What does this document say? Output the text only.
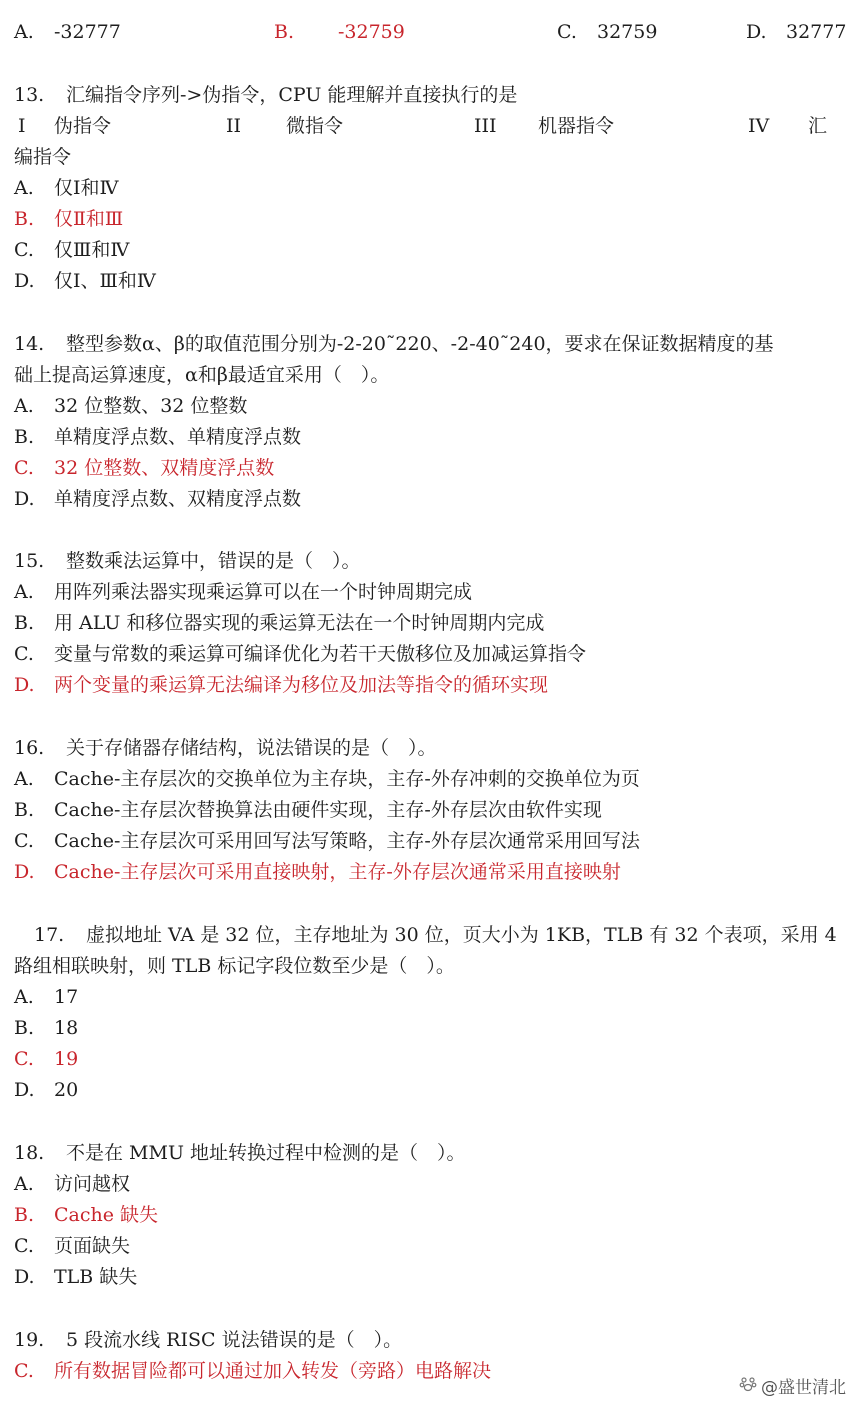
A. -32777	B. -32759	C. 32759	D. 32777
13. 汇编指令序列->伪指令，CPU 能理解并直接执行的是
I 伪指令	II 微指令	III 机器指令	IV 汇
编指令
A. 仅Ⅰ和Ⅳ
B. 仅Ⅱ和Ⅲ
C. 仅Ⅲ和Ⅳ
D. 仅Ⅰ、Ⅲ和Ⅳ
14. 整型参数α、β的取值范围分别为-2-20˜220、-2-40˜240，要求在保证数据精度的基
础上提高运算速度，α和β最适宜采用（　）。
A. 32 位整数、32 位整数
B. 单精度浮点数、单精度浮点数
C. 32 位整数、双精度浮点数
D. 单精度浮点数、双精度浮点数
15. 整数乘法运算中，错误的是（　）。
A. 用阵列乘法器实现乘运算可以在一个时钟周期完成
B. 用 ALU 和移位器实现的乘运算无法在一个时钟周期内完成
C. 变量与常数的乘运算可编译优化为若干天傲移位及加减运算指令
D. 两个变量的乘运算无法编译为移位及加法等指令的循环实现
16. 关于存储器存储结构，说法错误的是（　）。
A. Cache-主存层次的交换单位为主存块，主存-外存冲刺的交换单位为页
B. Cache-主存层次替换算法由硬件实现，主存-外存层次由软件实现
C. Cache-主存层次可采用回写法写策略，主存-外存层次通常采用回写法
D. Cache-主存层次可采用直接映射，主存-外存层次通常采用直接映射
17. 虚拟地址 VA 是 32 位，主存地址为 30 位，页大小为 1KB，TLB 有 32 个表项，采用 4
路组相联映射，则 TLB 标记字段位数至少是（　）。
A. 17
B. 18
C. 19
D. 20
18. 不是在 MMU 地址转换过程中检测的是（　）。
A. 访问越权
B. Cache 缺失
C. 页面缺失
D. TLB 缺失
19. 5 段流水线 RISC 说法错误的是（　）。
C. 所有数据冒险都可以通过加入转发（旁路）电路解决
@盛世清北
